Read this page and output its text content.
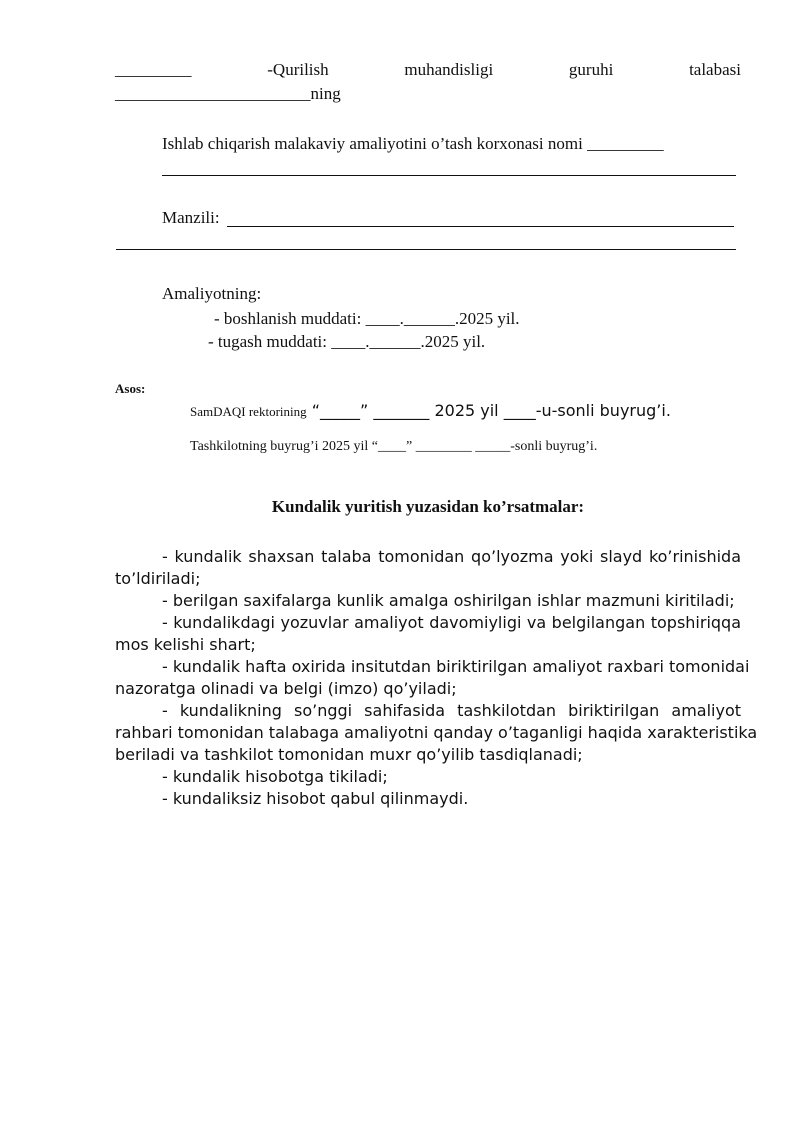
_________	-Qurilish	muhandisligi	guruhi	talabasi
_______________________ning
Ishlab chiqarish malakaviy amaliyotini o’tash korxonasi nomi _________
Manzili:
Amaliyotning:
- boshlanish muddati: ____.______.2025 yil.
- tugash muddati: ____.______.2025 yil.
Asos:
SamDAQI rektorining “_____” _______ 2025 yil ____-u-sonli buyrug’i.
Tashkilotning buyrug’i 2025 yil “____” ________ _____-sonli buyrug’i.
Kundalik yuritish yuzasidan ko’rsatmalar:
- kundalik shaxsan talaba tomonidan qo’lyozma yoki slayd ko’rinishida
to’ldiriladi;
- berilgan saxifalarga kunlik amalga oshirilgan ishlar mazmuni kiritiladi;
- kundalikdagi yozuvlar amaliyot davomiyligi va belgilangan topshiriqqa
mos kelishi shart;
- kundalik hafta oxirida insitutdan biriktirilgan amaliyot raxbari tomonidai
nazoratga olinadi va belgi (imzo) qo’yiladi;
- kundalikning so’nggi sahifasida tashkilotdan biriktirilgan amaliyot
rahbari tomonidan talabaga amaliyotni qanday o’taganligi haqida xarakteristika
beriladi va tashkilot tomonidan muxr qo’yilib tasdiqlanadi;
- kundalik hisobotga tikiladi;
- kundaliksiz hisobot qabul qilinmaydi.
